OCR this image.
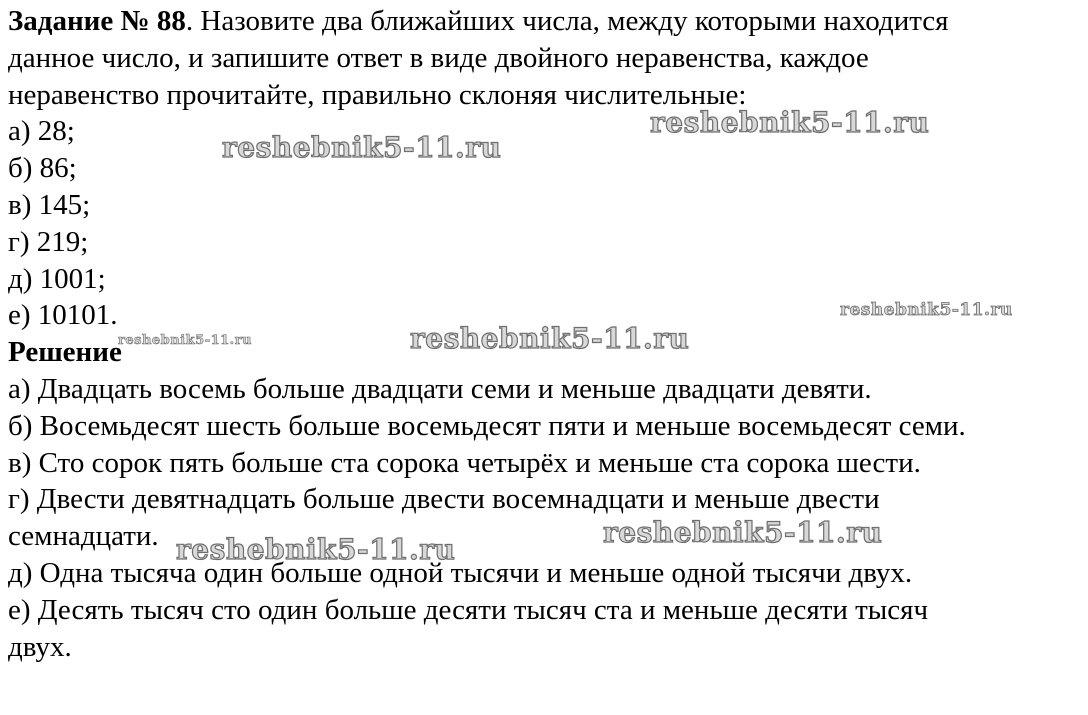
Задание № 88. Назовите два ближайших числа, между которыми находится

данное число, и запишите ответ в виде двойного неравенства, каждое

неравенство прочитайте, правильно склоняя числительные:

а) 28;

б) 86;

в) 145;

г) 219;

д) 1001;

е) 10101.

Решение

а) Двадцать восемь больше двадцати семи и меньше двадцати девяти.

б) Восемьдесят шесть больше восемьдесят пяти и меньше восемьдесят семи.

в) Сто сорок пять больше ста сорока четырёх и меньше ста сорока шести.

г) Двести девятнадцать больше двести восемнадцати и меньше двести

семнадцати.

д) Одна тысяча один больше одной тысячи и меньше одной тысячи двух.

е) Десять тысяч сто один больше десяти тысяч ста и меньше десяти тысяч

двух.

reshebnik5-11.ru
reshebnik5-11.ru
reshebnik5-11.ru
reshebnik5-11.ru
reshebnik5-11.ru
reshebnik5-11.ru
reshebnik5-11.ru
